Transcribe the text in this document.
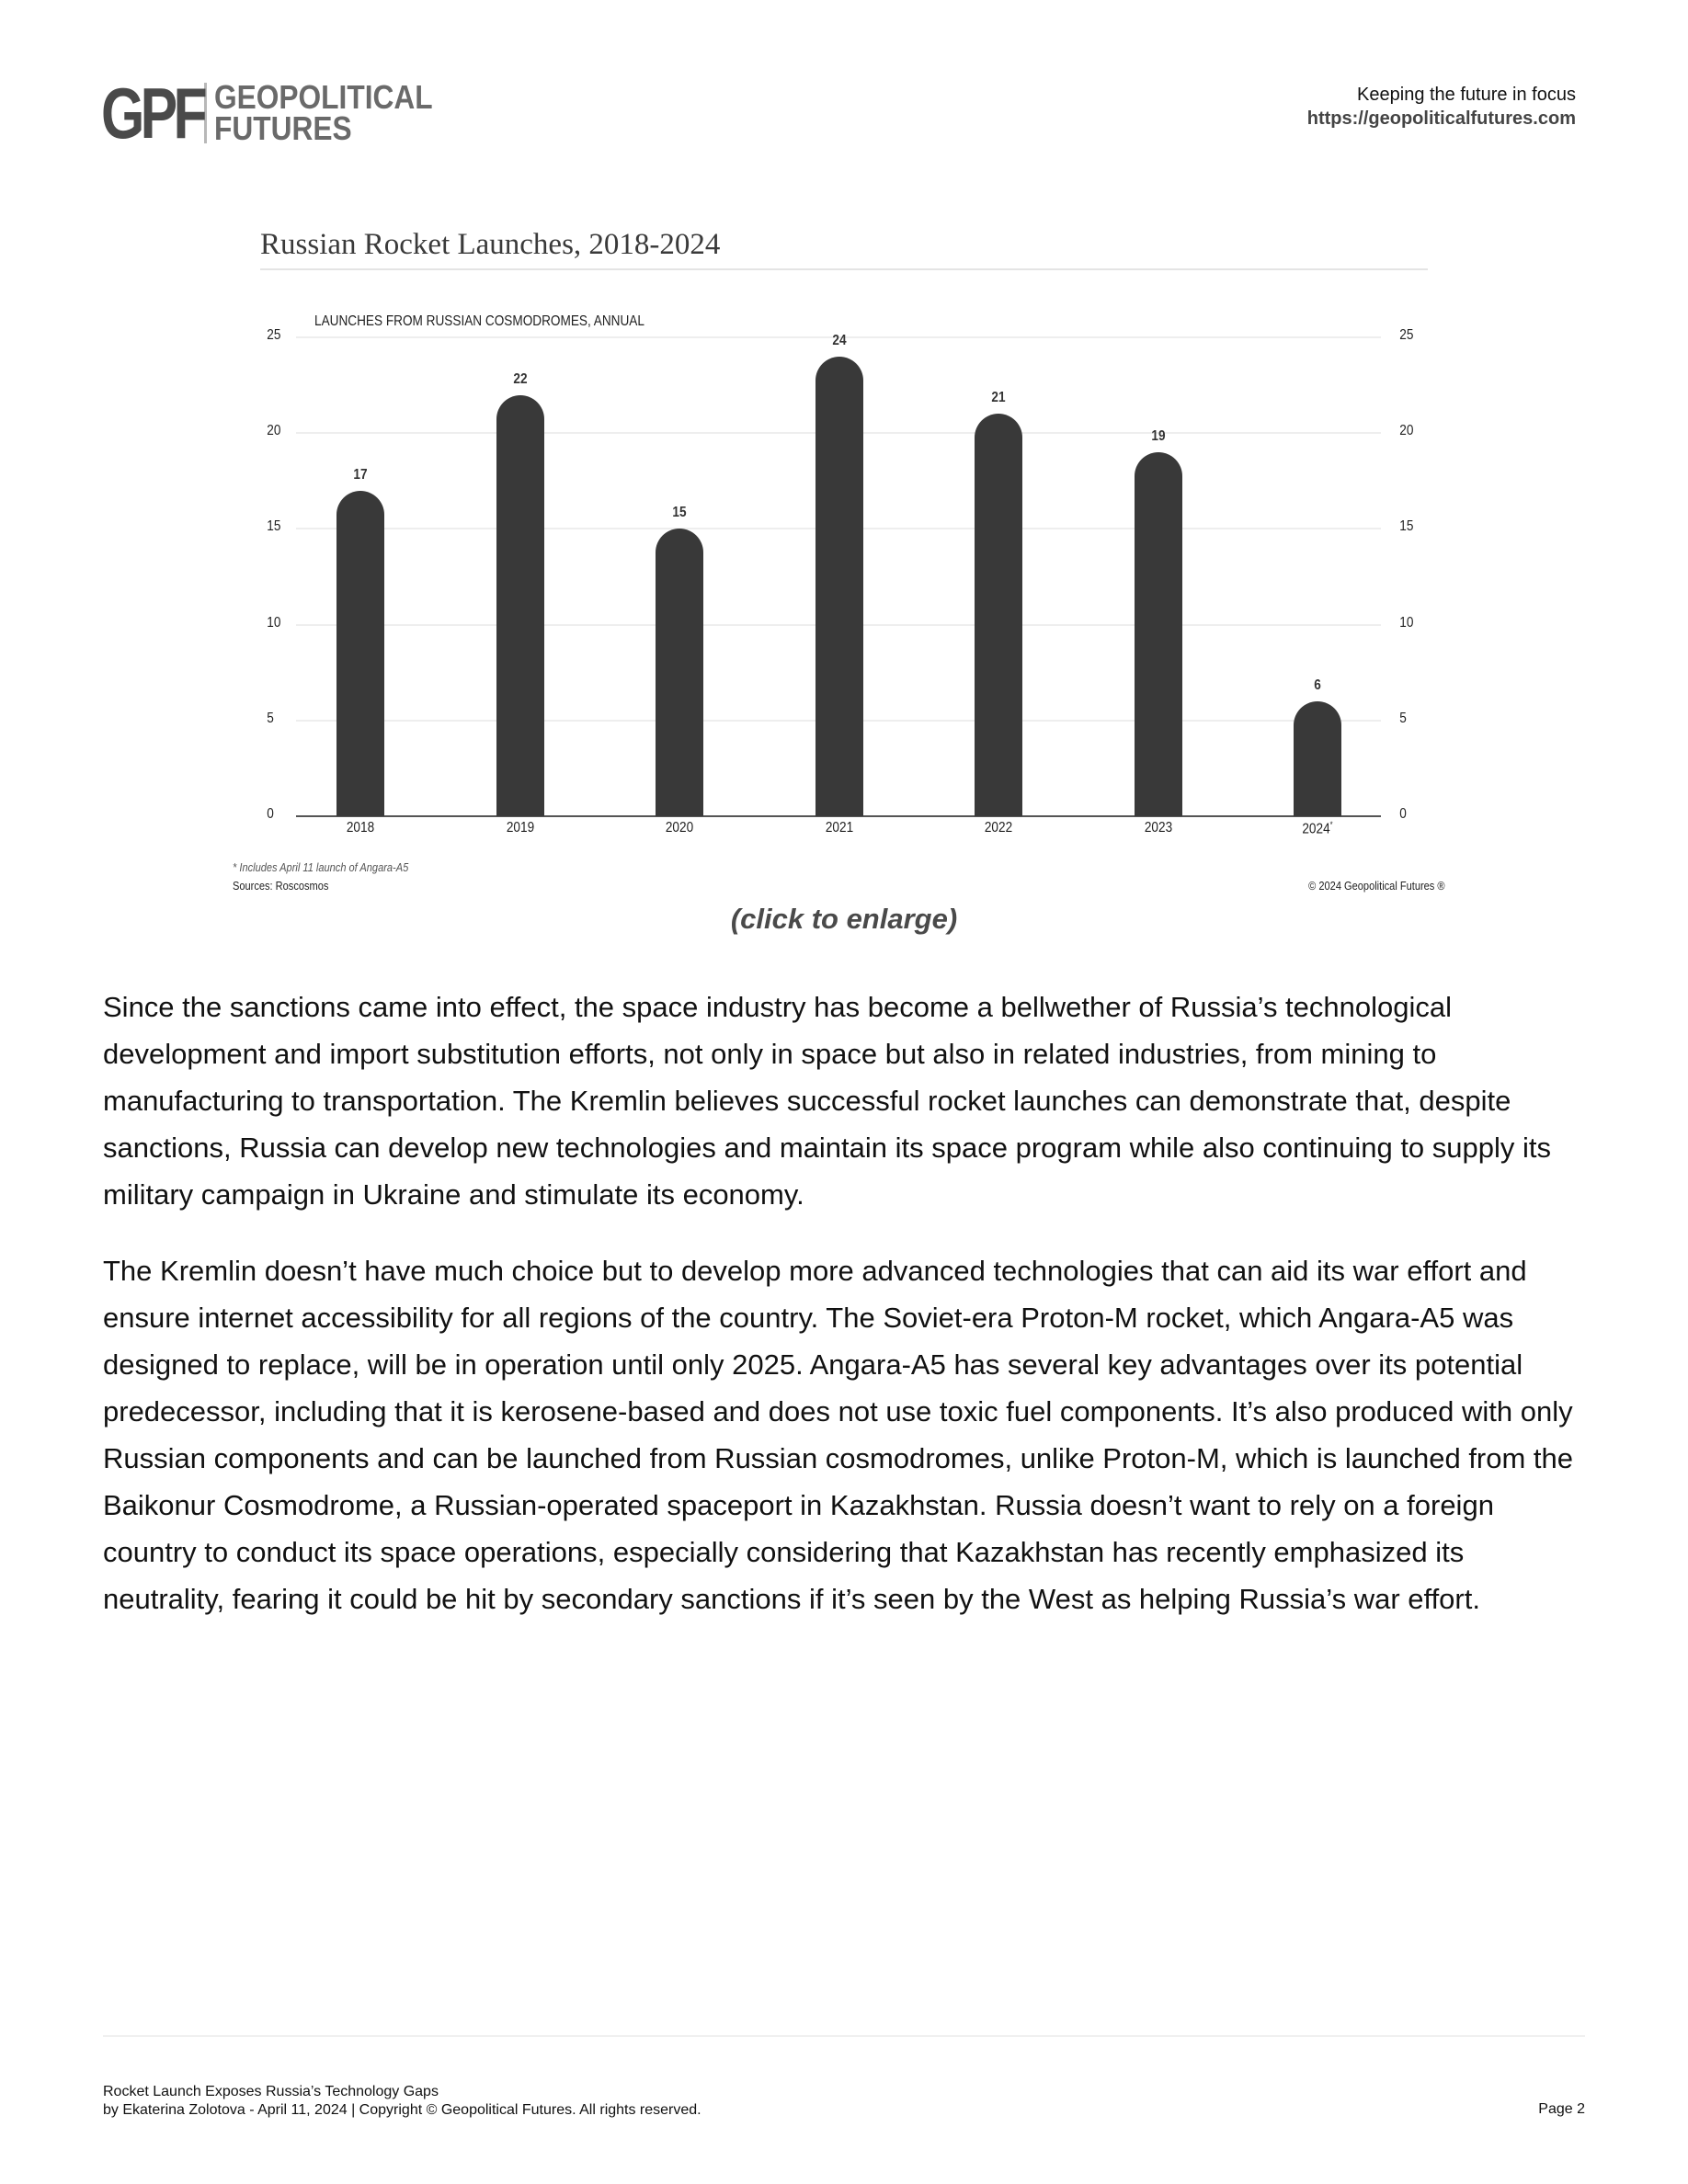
GPF GEOPOLITICAL
FUTURES
Keeping the future in focus
https://geopoliticalfutures.com
Russian Rocket Launches, 2018-2024
LAUNCHES FROM RUSSIAN COSMODROMES, ANNUAL
0	0
5	5
10	10
15	15
20	20
25	25
17
2018
22
2019
15
2020
24
2021
21
2022
19
2023
6
2024*
* Includes April 11 launch of Angara-A5
Sources: Roscosmos	© 2024 Geopolitical Futures ®
(click to enlarge)

Since the sanctions came into effect, the space industry has become a bellwether of Russia’s technological development and import substitution efforts, not only in space but also in related industries, from mining to manufacturing to transportation. The Kremlin believes successful rocket launches can demonstrate that, despite sanctions, Russia can develop new technologies and maintain its space program while also continuing to supply its military campaign in Ukraine and stimulate its economy.

The Kremlin doesn’t have much choice but to develop more advanced technologies that can aid its war effort and ensure internet accessibility for all regions of the country. The Soviet-era Proton-M rocket, which Angara-A5 was designed to replace, will be in operation until only 2025. Angara-A5 has several key advantages over its potential predecessor, including that it is kerosene-based and does not use toxic fuel components. It’s also produced with only Russian components and can be launched from Russian cosmodromes, unlike Proton-M, which is launched from the Baikonur Cosmodrome, a Russian-operated spaceport in Kazakhstan. Russia doesn’t want to rely on a foreign country to conduct its space operations, especially considering that Kazakhstan has recently emphasized its neutrality, fearing it could be hit by secondary sanctions if it’s seen by the West as helping Russia’s war effort.

Rocket Launch Exposes Russia’s Technology Gaps
by Ekaterina Zolotova - April 11, 2024 | Copyright © Geopolitical Futures. All rights reserved.	Page 2
